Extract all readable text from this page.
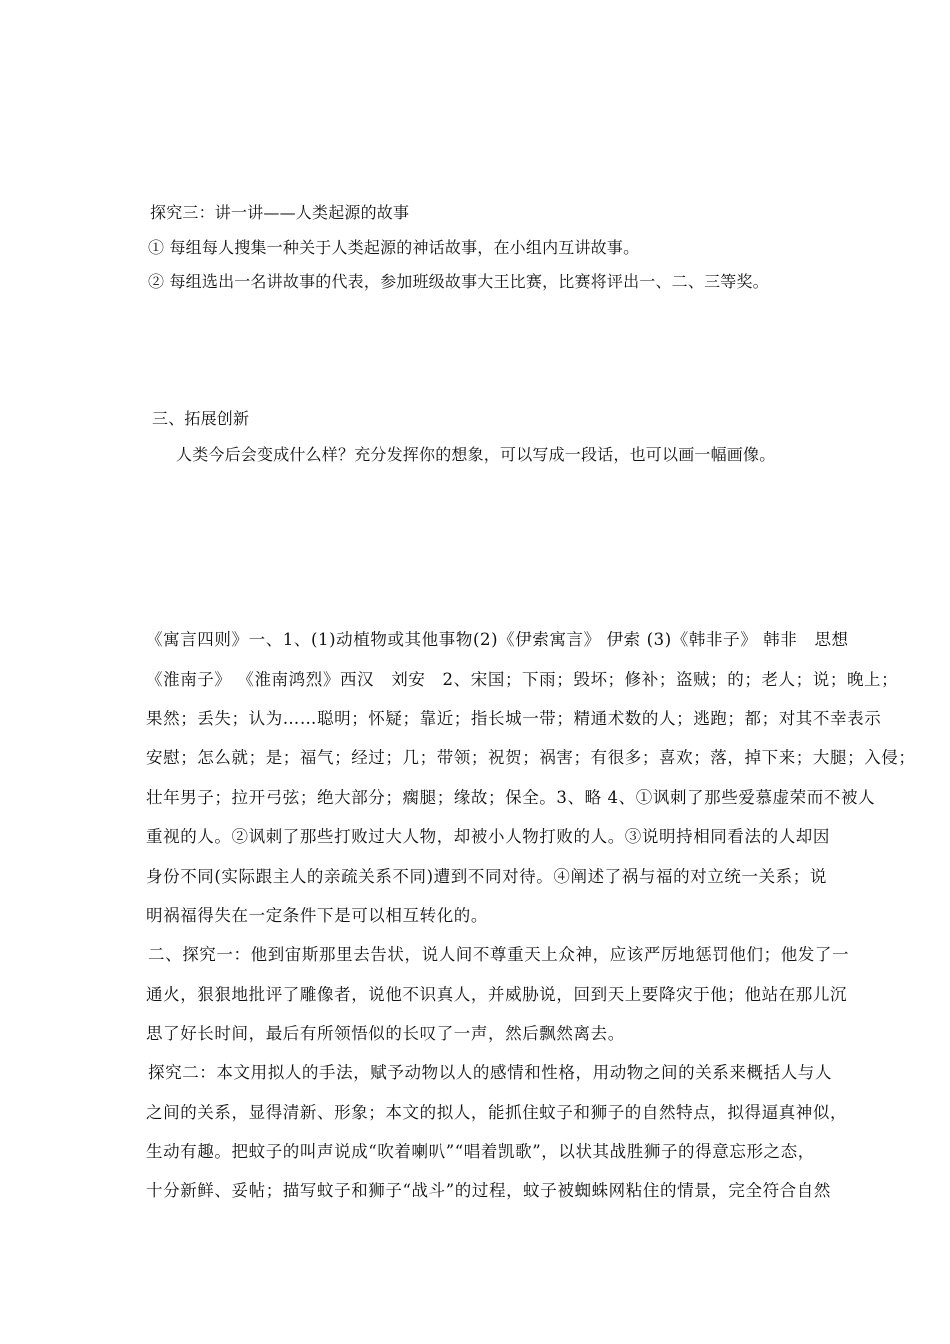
探究三：讲一讲——人类起源的故事
① 每组每人搜集一种关于人类起源的神话故事，在小组内互讲故事。
② 每组选出一名讲故事的代表，参加班级故事大王比赛，比赛将评出一、二、三等奖。
三、拓展创新
人类今后会变成什么样？充分发挥你的想象，可以写成一段话，也可以画一幅画像。
《寓言四则》一、1、(1)动植物或其他事物(2)《伊索寓言》 伊索 (3)《韩非子》 韩非　思想
《淮南子》 《淮南鸿烈》西汉　刘安　2、宋国；下雨；毁坏；修补；盗贼；的；老人；说；晚上；
果然；丢失；认为……聪明；怀疑；靠近；指长城一带；精通术数的人；逃跑；都；对其不幸表示
安慰；怎么就；是；福气；经过；几；带领；祝贺；祸害；有很多；喜欢；落，掉下来；大腿；入侵；
壮年男子；拉开弓弦；绝大部分；瘸腿；缘故；保全。3、略 4、①讽刺了那些爱慕虚荣而不被人
重视的人。②讽刺了那些打败过大人物，却被小人物打败的人。③说明持相同看法的人却因
身份不同(实际跟主人的亲疏关系不同)遭到不同对待。④阐述了祸与福的对立统一关系；说
明祸福得失在一定条件下是可以相互转化的。
二、探究一：他到宙斯那里去告状，说人间不尊重天上众神，应该严厉地惩罚他们；他发了一
通火，狠狠地批评了雕像者，说他不识真人，并威胁说，回到天上要降灾于他；他站在那儿沉
思了好长时间，最后有所领悟似的长叹了一声，然后飘然离去。
探究二：本文用拟人的手法，赋予动物以人的感情和性格，用动物之间的关系来概括人与人
之间的关系，显得清新、形象；本文的拟人，能抓住蚊子和狮子的自然特点，拟得逼真神似，
生动有趣。把蚊子的叫声说成“吹着喇叭”“唱着凯歌”，以状其战胜狮子的得意忘形之态，
十分新鲜、妥帖；描写蚊子和狮子“战斗”的过程，蚊子被蜘蛛网粘住的情景，完全符合自然
